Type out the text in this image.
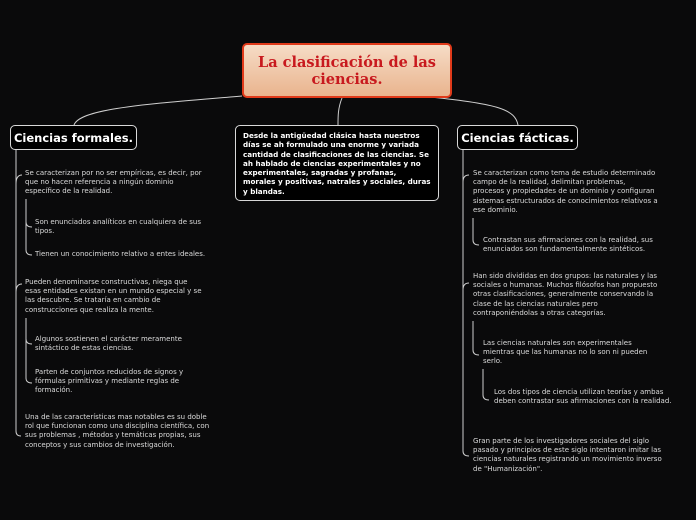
La clasificación de las ciencias.
Ciencias formales.	Desde la antigüedad clásica hasta nuestros días se ah formulado una enorme y variada cantidad de clasificaciones de las ciencias. Se ah hablado de ciencias experimentales y no experimentales, sagradas y profanas, morales y positivas, natrales y sociales, duras y blandas.
Ciencias fácticas.
Se caracterizan por no ser empíricas, es decir, por que no hacen referencia a ningún dominio específico de la realidad.
Son enunciados analíticos en cualquiera de sus tipos.
Tienen un conocimiento relativo a entes ideales.
Pueden denominarse constructivas, niega que esas entidades existan en un mundo especial y se las descubre. Se trataría en cambio de construcciones que realiza la mente.
Algunos sostienen el carácter meramente sintáctico de estas ciencias.
Parten de conjuntos reducidos de signos y fórmulas primitivas y mediante reglas de formación.
Una de las características mas notables es su doble rol que funcionan como una disciplina científica, con sus problemas , métodos y temáticas propias, sus conceptos y sus cambios de investigación.
Se caracterizan como tema de estudio determinado campo de la realidad, delimitan problemas, procesos y propiedades de un dominio y configuran sistemas estructurados de conocimientos relativos a ese dominio.
Contrastan sus afirmaciones con la realidad, sus enunciados son fundamentalmente sintéticos.
Han sido divididas en dos grupos: las naturales y las sociales o humanas. Muchos filósofos han propuesto otras clasificaciones, generalmente conservando la clase de las ciencias naturales pero contraponiéndolas a otras categorías.
Las ciencias naturales son experimentales mientras que las humanas no lo son ni pueden serlo.
Los dos tipos de ciencia utilizan teorías y ambas deben contrastar sus afirmaciones con la realidad.
Gran parte de los investigadores sociales del siglo pasado y principios de este siglo intentaron imitar las ciencias naturales registrando un movimiento inverso de "Humanización".
